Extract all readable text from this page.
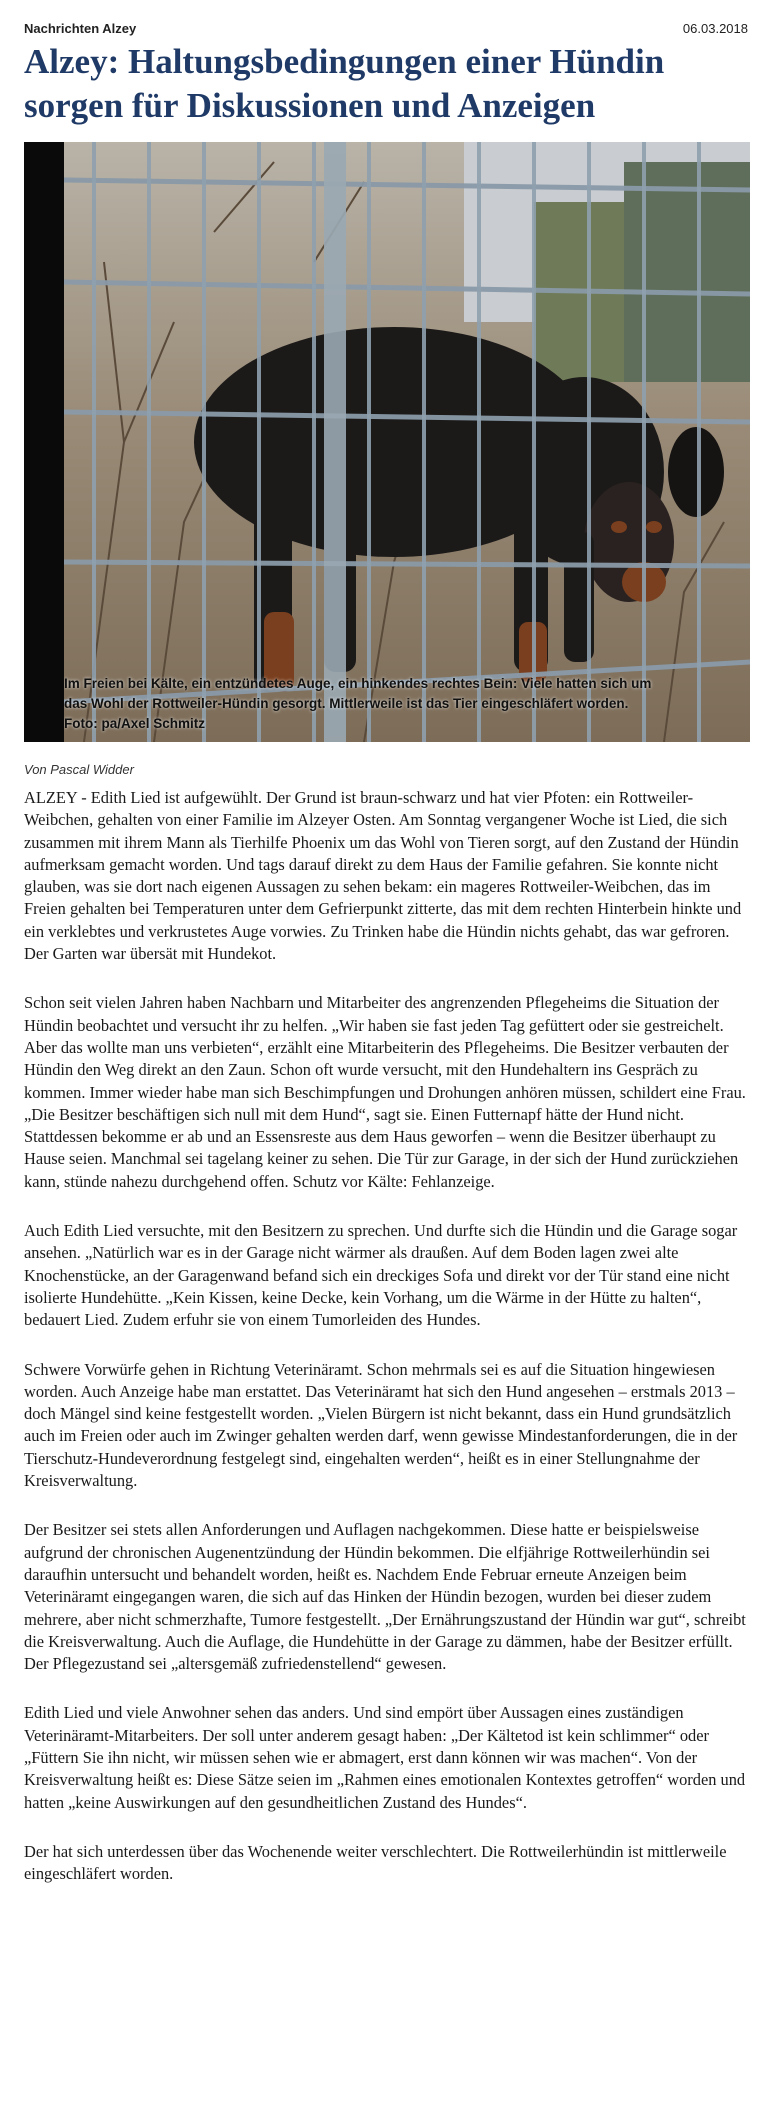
Nachrichten Alzey	06.03.2018
Alzey: Haltungsbedingungen einer Hündin sorgen für Diskussionen und Anzeigen
Im Freien bei Kälte, ein entzündetes Auge, ein hinkendes rechtes Bein: Viele hatten sich um
das Wohl der Rottweiler-Hündin gesorgt. Mittlerweile ist das Tier eingeschläfert worden.
Foto: pa/Axel Schmitz
Von Pascal Widder

ALZEY - Edith Lied ist aufgewühlt. Der Grund ist braun-schwarz und hat vier Pfoten: ein Rottweiler-Weibchen, gehalten von einer Familie im Alzeyer Osten. Am Sonntag vergangener Woche ist Lied, die sich zusammen mit ihrem Mann als Tierhilfe Phoenix um das Wohl von Tieren sorgt, auf den Zustand der Hündin aufmerksam gemacht worden. Und tags darauf direkt zu dem Haus der Familie gefahren. Sie konnte nicht glauben, was sie dort nach eigenen Aussagen zu sehen bekam: ein mageres Rottweiler-Weibchen, das im Freien gehalten bei Temperaturen unter dem Gefrierpunkt zitterte, das mit dem rechten Hinterbein hinkte und ein verklebtes und verkrustetes Auge vorwies. Zu Trinken habe die Hündin nichts gehabt, das war gefroren. Der Garten war übersät mit Hundekot.

Schon seit vielen Jahren haben Nachbarn und Mitarbeiter des angrenzenden Pflegeheims die Situation der Hündin beobachtet und versucht ihr zu helfen. „Wir haben sie fast jeden Tag gefüttert oder sie gestreichelt. Aber das wollte man uns verbieten“, erzählt eine Mitarbeiterin des Pflegeheims. Die Besitzer verbauten der Hündin den Weg direkt an den Zaun. Schon oft wurde versucht, mit den Hundehaltern ins Gespräch zu kommen. Immer wieder habe man sich Beschimpfungen und Drohungen anhören müssen, schildert eine Frau. „Die Besitzer beschäftigen sich null mit dem Hund“, sagt sie. Einen Futternapf hätte der Hund nicht. Stattdessen bekomme er ab und an Essensreste aus dem Haus geworfen – wenn die Besitzer überhaupt zu Hause seien. Manchmal sei tagelang keiner zu sehen. Die Tür zur Garage, in der sich der Hund zurückziehen kann, stünde nahezu durchgehend offen. Schutz vor Kälte: Fehlanzeige.

Auch Edith Lied versuchte, mit den Besitzern zu sprechen. Und durfte sich die Hündin und die Garage sogar ansehen. „Natürlich war es in der Garage nicht wärmer als draußen. Auf dem Boden lagen zwei alte Knochenstücke, an der Garagenwand befand sich ein dreckiges Sofa und direkt vor der Tür stand eine nicht isolierte Hundehütte. „Kein Kissen, keine Decke, kein Vorhang, um die Wärme in der Hütte zu halten“, bedauert Lied. Zudem erfuhr sie von einem Tumorleiden des Hundes.

Schwere Vorwürfe gehen in Richtung Veterinäramt. Schon mehrmals sei es auf die Situation hingewiesen worden. Auch Anzeige habe man erstattet. Das Veterinäramt hat sich den Hund angesehen – erstmals 2013 – doch Mängel sind keine festgestellt worden. „Vielen Bürgern ist nicht bekannt, dass ein Hund grundsätzlich auch im Freien oder auch im Zwinger gehalten werden darf, wenn gewisse Mindestanforderungen, die in der Tierschutz-Hundeverordnung festgelegt sind, eingehalten werden“, heißt es in einer Stellungnahme der Kreisverwaltung.

Der Besitzer sei stets allen Anforderungen und Auflagen nachgekommen. Diese hatte er beispielsweise aufgrund der chronischen Augenentzündung der Hündin bekommen. Die elfjährige Rottweilerhündin sei daraufhin untersucht und behandelt worden, heißt es. Nachdem Ende Februar erneute Anzeigen beim Veterinäramt eingegangen waren, die sich auf das Hinken der Hündin bezogen, wurden bei dieser zudem mehrere, aber nicht schmerzhafte, Tumore festgestellt. „Der Ernährungszustand der Hündin war gut“, schreibt die Kreisverwaltung. Auch die Auflage, die Hundehütte in der Garage zu dämmen, habe der Besitzer erfüllt. Der Pflegezustand sei „altersgemäß zufriedenstellend“ gewesen.

Edith Lied und viele Anwohner sehen das anders. Und sind empört über Aussagen eines zuständigen Veterinäramt-Mitarbeiters. Der soll unter anderem gesagt haben: „Der Kältetod ist kein schlimmer“ oder „Füttern Sie ihn nicht, wir müssen sehen wie er abmagert, erst dann können wir was machen“. Von der Kreisverwaltung heißt es: Diese Sätze seien im „Rahmen eines emotionalen Kontextes getroffen“ worden und hatten „keine Auswirkungen auf den gesundheitlichen Zustand des Hundes“.

Der hat sich unterdessen über das Wochenende weiter verschlechtert. Die Rottweilerhündin ist mittlerweile eingeschläfert worden.
